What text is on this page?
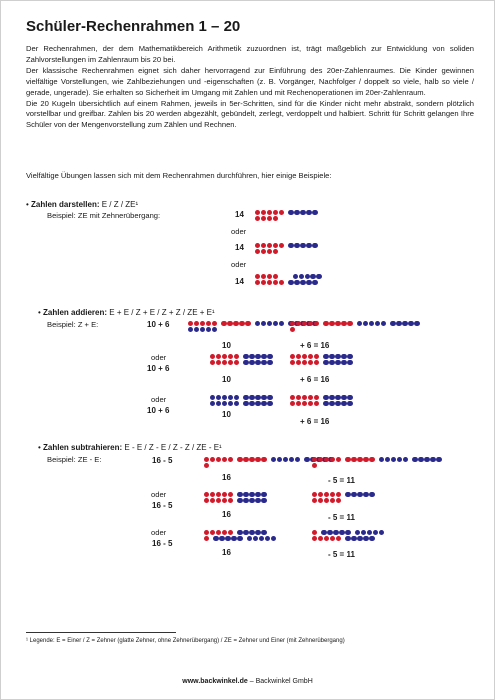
Schüler-Rechenrahmen 1 – 20

Der Rechenrahmen, der dem Mathematikbereich Arithmetik zuzuordnen ist, trägt maßgeblich zur Entwicklung von soliden Zahlvorstellungen im Zahlenraum bis 20 bei.

Der klassische Rechenrahmen eignet sich daher hervorragend zur Einführung des 20er-Zahlenraumes. Die Kinder gewinnen vielfältige Vorstellungen, wie Zahlbeziehungen und -eigenschaften (z. B. Vorgänger, Nachfolger / doppelt so viele, halb so viele / gerade, ungerade). Sie erhalten so Sicherheit im Umgang mit Zahlen und mit Rechenoperationen im 20er-Zahlenraum.

Die 20 Kugeln übersichtlich auf einem Rahmen, jeweils in 5er-Schritten, sind für die Kinder nicht mehr abstrakt, sondern plötzlich vorstellbar und greifbar. Zahlen bis 20 werden abgezählt, gebündelt, zerlegt, verdoppelt und halbiert. Schritt für Schritt gelangen Ihre Schüler von der Mengenvorstellung zum Zählen und Rechnen.

Vielfältige Übungen lassen sich mit dem Rechenrahmen durchführen, hier einige Beispiele:
• Zahlen darstellen: E / Z / ZE¹
Beispiel: ZE mit Zehnerübergang:	14
oder
14
oder
14
• Zahlen addieren: E + E / Z + E / Z + Z / ZE + E¹
Beispiel: Z + E:	10 + 6
10	+ 6 = 16
oder
10 + 6
10	+ 6 = 16
oder
10 + 6	10
+ 6 = 16
• Zahlen subtrahieren: E - E / Z - E / Z - Z / ZE - E¹
Beispiel: ZE - E:	16 - 5
16	- 5 = 11
oder
16 - 5
16	- 5 = 11
oder
16 - 5
16	- 5 = 11
¹ Legende: E = Einer / Z = Zehner (glatte Zehner, ohne Zehnerübergang) / ZE = Zehner und Einer (mit Zehnerübergang)
www.backwinkel.de – Backwinkel GmbH
